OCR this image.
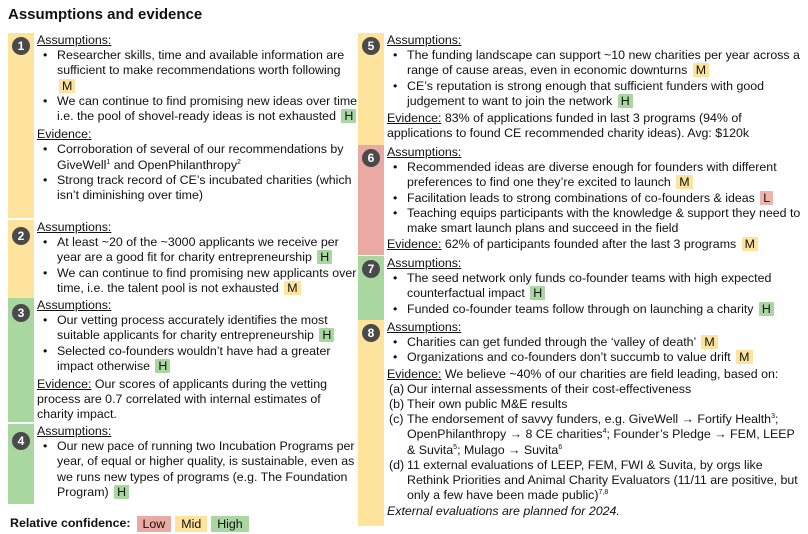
Assumptions and evidence
1	Assumptions:
• Researcher skills, time and available information are sufficient to make recommendations worth following M
• We can continue to find promising new ideas over time i.e. the pool of shovel-ready ideas is not exhausted H
Evidence:
• Corroboration of several of our recommendations by GiveWell$^1$ and OpenPhilanthropy$^2$
• Strong track record of CE’s incubated charities (which isn’t diminishing over time)
2
Assumptions:
• At least ~20 of the ~3000 applicants we receive per year are a good fit for charity entrepreneurship H
• We can continue to find promising new applicants over time, i.e. the talent pool is not exhausted M
3
Assumptions:
• Our vetting process accurately identifies the most suitable applicants for charity entrepreneurship H
• Selected co-founders wouldn’t have had a greater impact otherwise H
Evidence: Our scores of applicants during the vetting process are 0.7 correlated with internal estimates of charity impact.
4
Assumptions:
• Our new pace of running two Incubation Programs per year, of equal or higher quality, is sustainable, even as we runs new types of programs (e.g. The Foundation Program) H
5	Assumptions:
• The funding landscape can support ~10 new charities per year across a range of cause areas, even in economic downturns M
• CE’s reputation is strong enough that sufficient funders with good judgement to want to join the network H
Evidence: 83% of applications funded in last 3 programs (94% of applications to found CE recommended charity ideas). Avg: $120k
6	Assumptions:
• Recommended ideas are diverse enough for founders with different preferences to find one they’re excited to launch M
• Facilitation leads to strong combinations of co-founders & ideas L
• Teaching equips participants with the knowledge & support they need to make smart launch plans and succeed in the field
Evidence: 62% of participants founded after the last 3 programs M
7	Assumptions:
• The seed network only funds co-founder teams with high expected counterfactual impact H
• Funded co-founder teams follow through on launching a charity H
8	Assumptions:
• Charities can get funded through the ‘valley of death’ M
• Organizations and co-founders don’t succumb to value drift M
Evidence: We believe ~40% of our charities are field leading, based on:
(a) Our internal assessments of their cost-effectiveness
(b) Their own public M&E results
(c) The endorsement of savvy funders, e.g. GiveWell → Fortify Health$^3$; OpenPhilanthropy → 8 CE charities$^4$; Founder’s Pledge → FEM, LEEP & Suvita$^5$; Mulago → Suvita$^6$
(d) 11 external evaluations of LEEP, FEM, FWI & Suvita, by orgs like Rethink Priorities and Animal Charity Evaluators (11/11 are positive, but only a few have been made public)$^{7,8}$
External evaluations are planned for 2024.
Relative confidence: Low	Mid	High
